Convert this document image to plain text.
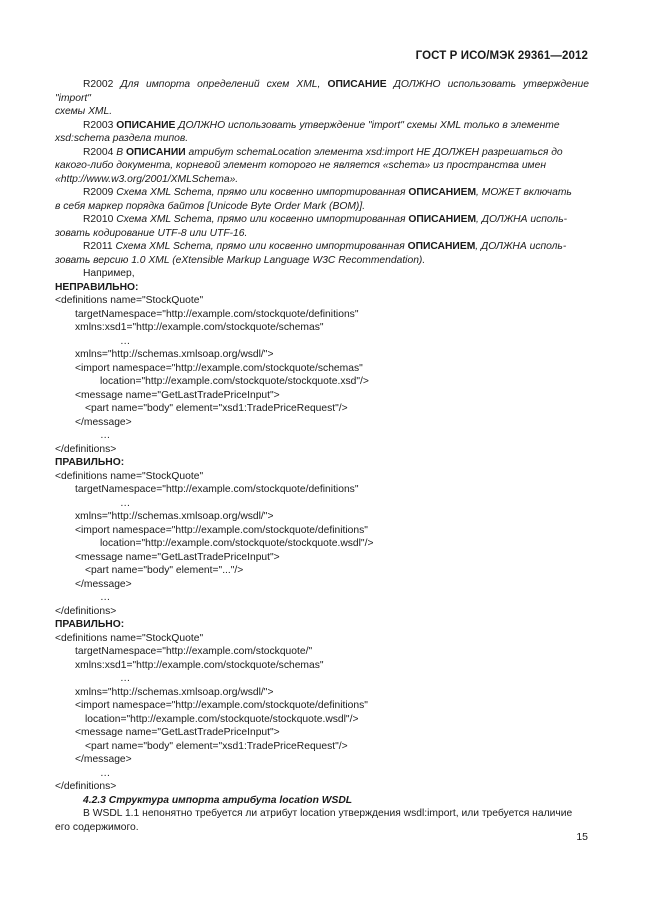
ГОСТ Р ИСО/МЭК 29361—2012
R2002 Для импорта определений схем XML, ОПИСАНИЕ ДОЛЖНО использовать утверждение "import"
схемы XML.
R2003 ОПИСАНИЕ ДОЛЖНО использовать утверждение "import" схемы XML только в элементе
xsd:schema раздела типов.
R2004 В ОПИСАНИИ атрибут schemaLocation элемента xsd:import НЕ ДОЛЖЕН разрешаться до
какого-либо документа, корневой элемент которого не является «schema» из пространства имен
«http://www.w3.org/2001/XMLSchema».
R2009 Схема XML Schema, прямо или косвенно импортированная ОПИСАНИЕМ, МОЖЕТ включать
в себя маркер порядка байтов [Unicode Byte Order Mark (BOM)].
R2010 Схема XML Schema, прямо или косвенно импортированная ОПИСАНИЕМ, ДОЛЖНА исполь-
зовать кодирование UTF-8 или UTF-16.
R2011 Схема XML Schema, прямо или косвенно импортированная ОПИСАНИЕМ, ДОЛЖНА исполь-
зовать версию 1.0 XML (eXtensible Markup Language W3C Recommendation).
Например,
НЕПРАВИЛЬНО:
<definitions name="StockQuote"
targetNamespace="http://example.com/stockquote/definitions"
xmlns:xsd1="http://example.com/stockquote/schemas"
…
xmlns="http://schemas.xmlsoap.org/wsdl/">
<import namespace="http://example.com/stockquote/schemas"
location="http://example.com/stockquote/stockquote.xsd"/>
<message name="GetLastTradePriceInput">
<part name="body" element="xsd1:TradePriceRequest"/>
</message>
…
</definitions>
ПРАВИЛЬНО:
<definitions name="StockQuote"
targetNamespace="http://example.com/stockquote/definitions"
…
xmlns="http://schemas.xmlsoap.org/wsdl/">
<import namespace="http://example.com/stockquote/definitions"
location="http://example.com/stockquote/stockquote.wsdl"/>
<message name="GetLastTradePriceInput">
<part name="body" element="..."/>
</message>
…
</definitions>
ПРАВИЛЬНО:
<definitions name="StockQuote"
targetNamespace="http://example.com/stockquote/"
xmlns:xsd1="http://example.com/stockquote/schemas"
…
xmlns="http://schemas.xmlsoap.org/wsdl/">
<import namespace="http://example.com/stockquote/definitions"
location="http://example.com/stockquote/stockquote.wsdl"/>
<message name="GetLastTradePriceInput">
<part name="body" element="xsd1:TradePriceRequest"/>
</message>
…
</definitions>
4.2.3 Структура импорта атрибута location WSDL
В WSDL 1.1 непонятно требуется ли атрибут location утверждения wsdl:import, или требуется наличие
его содержимого.
15
